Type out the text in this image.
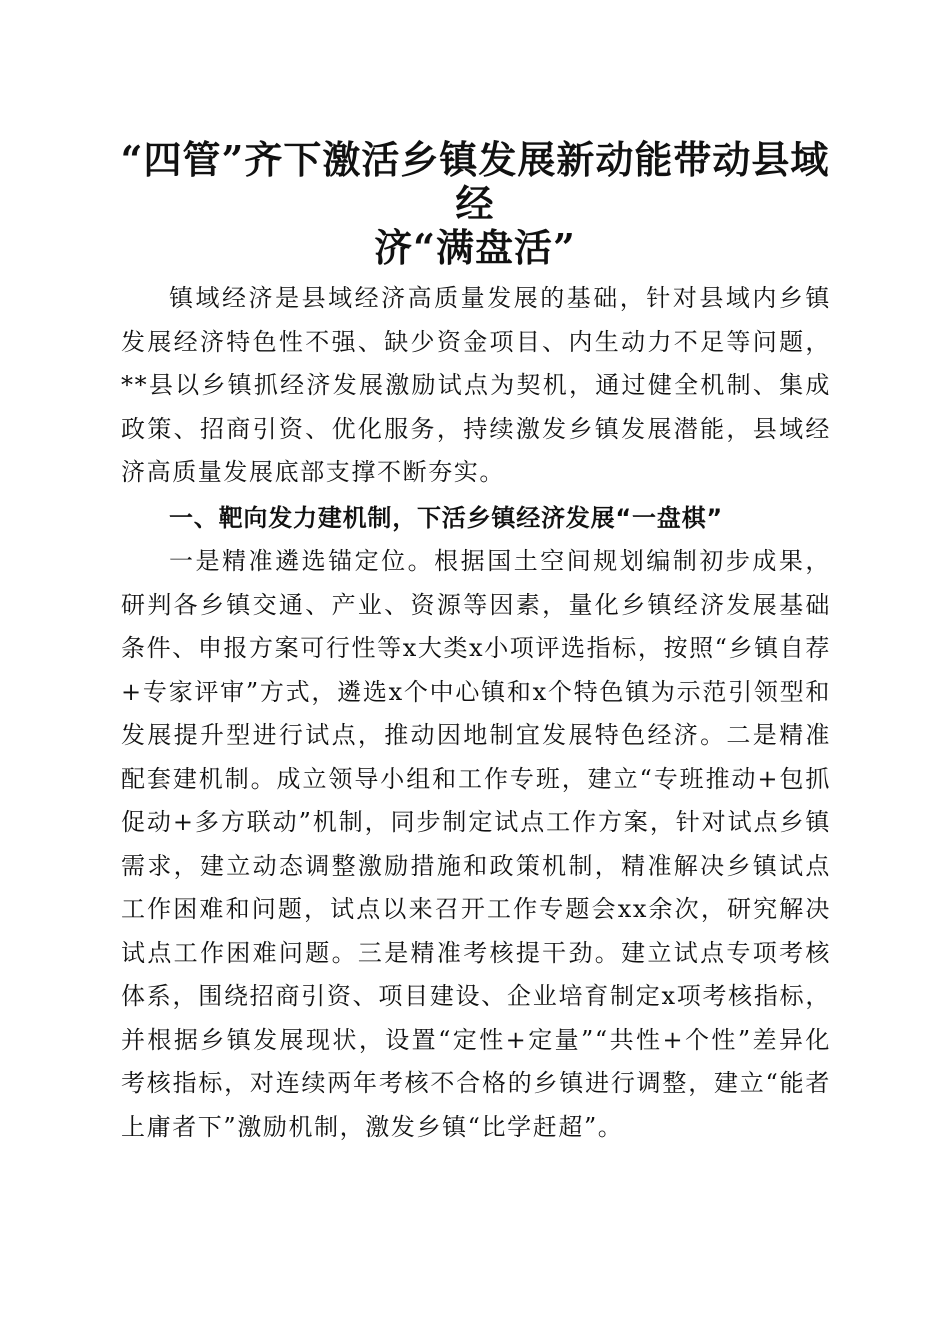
“四管”齐下激活乡镇发展新动能带动县域经
济“满盘活”

镇域经济是县域经济高质量发展的基础，针对县域内乡镇发展经济特色性不强、缺少资金项目、内生动力不足等问题，**县以乡镇抓经济发展激励试点为契机，通过健全机制、集成政策、招商引资、优化服务，持续激发乡镇发展潜能，县域经济高质量发展底部支撑不断夯实。

一、靶向发力建机制，下活乡镇经济发展“一盘棋”

一是精准遴选锚定位。根据国土空间规划编制初步成果，研判各乡镇交通、产业、资源等因素，量化乡镇经济发展基础条件、申报方案可行性等x大类x小项评选指标，按照“乡镇自荐+专家评审”方式，遴选x个中心镇和x个特色镇为示范引领型和发展提升型进行试点，推动因地制宜发展特色经济。二是精准配套建机制。成立领导小组和工作专班，建立“专班推动+包抓促动+多方联动”机制，同步制定试点工作方案，针对试点乡镇需求，建立动态调整激励措施和政策机制，精准解决乡镇试点工作困难和问题，试点以来召开工作专题会xx余次，研究解决试点工作困难问题。三是精准考核提干劲。建立试点专项考核体系，围绕招商引资、项目建设、企业培育制定x项考核指标，并根据乡镇发展现状，设置“定性+定量”“共性+个性”差异化考核指标，对连续两年考核不合格的乡镇进行调整，建立“能者上庸者下”激励机制，激发乡镇“比学赶超”。
